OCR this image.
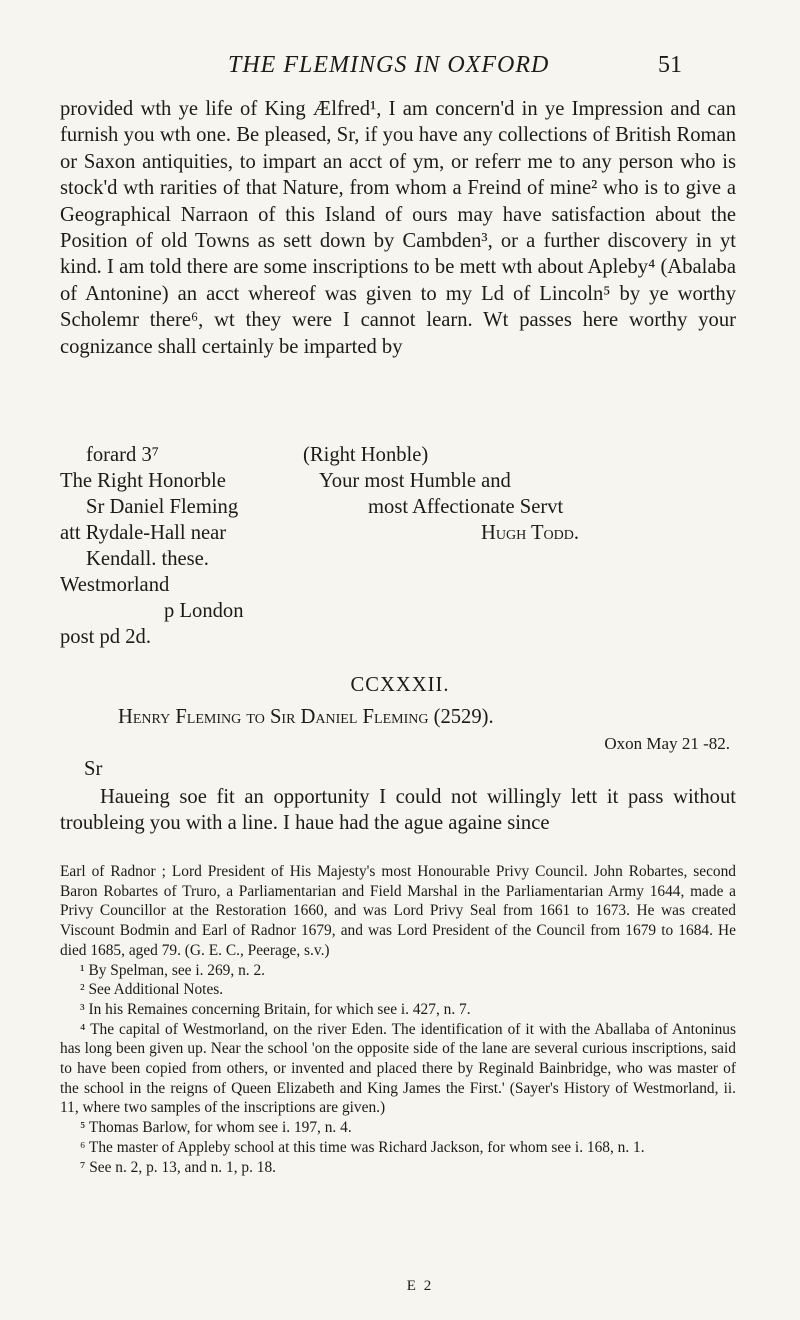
THE FLEMINGS IN OXFORD	51

provided wth ye life of King Ælfred¹, I am concern'd in ye Impression and can furnish you wth one. Be pleased, Sr, if you have any collections of British Roman or Saxon antiquities, to impart an acct of ym, or referr me to any person who is stock'd wth rarities of that Nature, from whom a Freind of mine² who is to give a Geographical Narraon of this Island of ours may have satisfaction about the Position of old Towns as sett down by Cambden³, or a further discovery in yt kind. I am told there are some inscriptions to be mett wth about Apleby⁴ (Abalaba of Antonine) an acct whereof was given to my Ld of Lincoln⁵ by ye worthy Scholemr there⁶, wt they were I cannot learn. Wt passes here worthy your cognizance shall certainly be imparted by

forard 3⁷
The Right Honorble
Sr Daniel Fleming
att Rydale-Hall near
Kendall. these.
Westmorland
p London
post pd 2d.
(Right Honble)
Your most Humble and
most Affectionate Servt
Hugh Todd.
CCXXXII.
Henry Fleming to Sir Daniel Fleming (2529).
Oxon May 21 -82.
Sr

Haueing soe fit an opportunity I could not willingly lett it pass without troubleing you with a line. I haue had the ague againe since

Earl of Radnor ; Lord President of His Majesty's most Honourable Privy Council. John Robartes, second Baron Robartes of Truro, a Parliamentarian and Field Marshal in the Parliamentarian Army 1644, made a Privy Councillor at the Restoration 1660, and was Lord Privy Seal from 1661 to 1673. He was created Viscount Bodmin and Earl of Radnor 1679, and was Lord President of the Council from 1679 to 1684. He died 1685, aged 79. (G. E. C., Peerage, s.v.)

¹ By Spelman, see i. 269, n. 2.

² See Additional Notes.

³ In his Remaines concerning Britain, for which see i. 427, n. 7.

⁴ The capital of Westmorland, on the river Eden. The identification of it with the Aballaba of Antoninus has long been given up. Near the school 'on the opposite side of the lane are several curious inscriptions, said to have been copied from others, or invented and placed there by Reginald Bainbridge, who was master of the school in the reigns of Queen Elizabeth and King James the First.' (Sayer's History of Westmorland, ii. 11, where two samples of the inscriptions are given.)

⁵ Thomas Barlow, for whom see i. 197, n. 4.

⁶ The master of Appleby school at this time was Richard Jackson, for whom see i. 168, n. 1.

⁷ See n. 2, p. 13, and n. 1, p. 18.

E 2
